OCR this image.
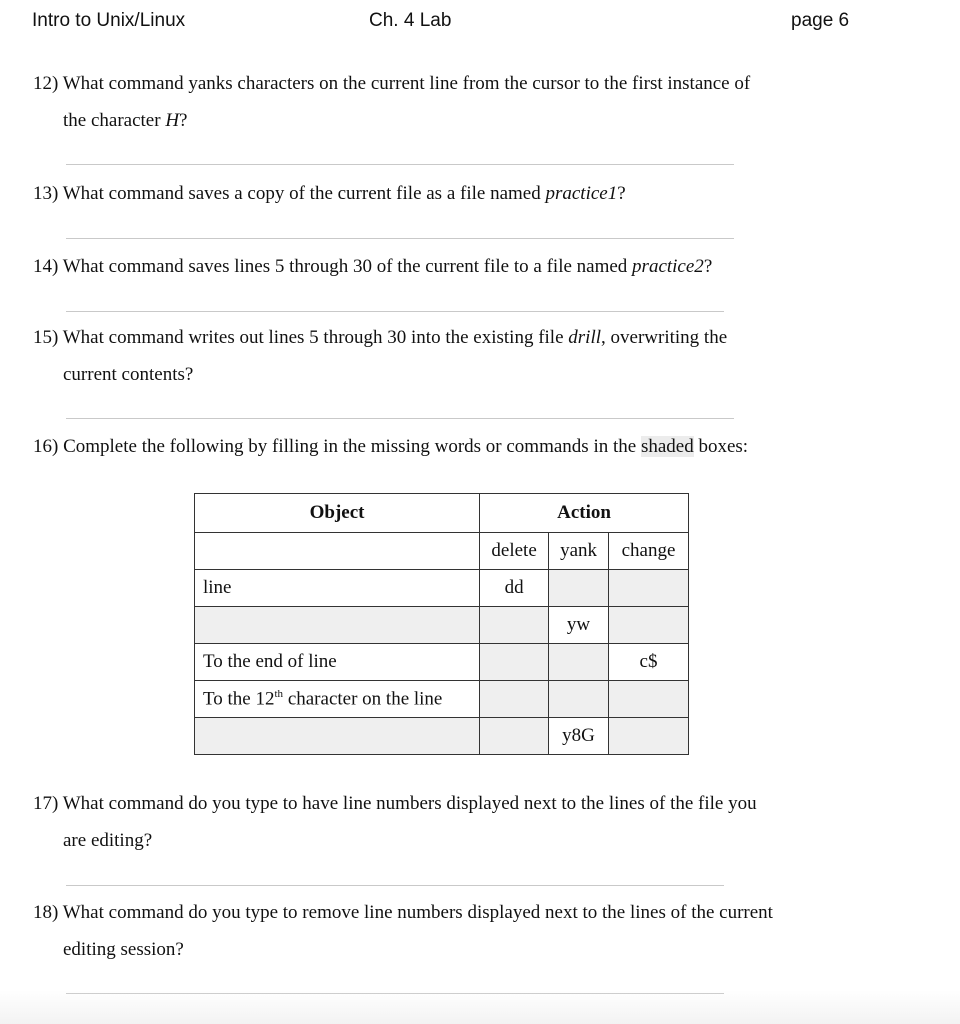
Intro to Unix/Linux	Ch. 4 Lab	page 6
12) What command yanks characters on the current line from the cursor to the first instance of
the character H?
13) What command saves a copy of the current file as a file named practice1?
14) What command saves lines 5 through 30 of the current file to a file named practice2?
15) What command writes out lines 5 through 30 into the existing file drill, overwriting the
current contents?
16) Complete the following by filling in the missing words or commands in the shaded boxes:
Object	Action		
	delete	yank	change
line	dd		
		yw	
To the end of line			c$
To the 12th character on the line			
		y8G	
17) What command do you type to have line numbers displayed next to the lines of the file you
are editing?
18) What command do you type to remove line numbers displayed next to the lines of the current
editing session?
